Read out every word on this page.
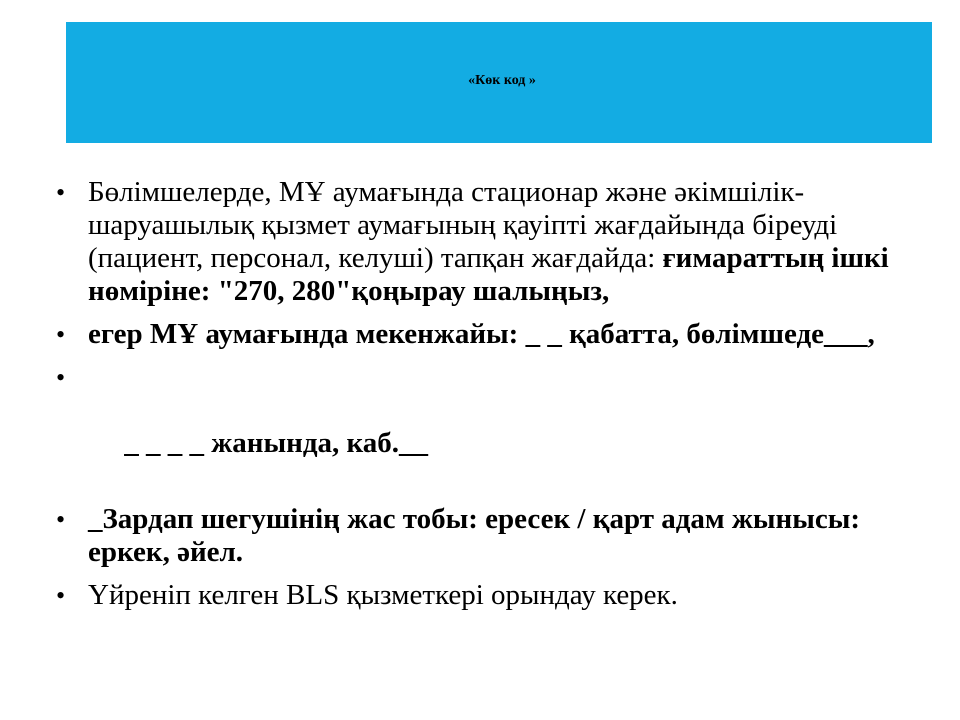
«Көк код »
• Бөлімшелерде, МҰ аумағында стационар және әкімшілік-шаруашылық қызмет аумағының қауіпті жағдайында біреуді (пациент, персонал, келуші) тапқан жағдайда: ғимараттың ішкі нөміріне: "270, 280"қоңырау шалыңыз,
• егер МҰ аумағында мекенжайы: _ _ қабатта, бөлімшеде___,

•

_ _ _ _ жанында, каб.__

• _Зардап шегушінің жас тобы: ересек / қарт адам жынысы: еркек, әйел.
• Үйреніп келген BLS қызметкері орындау керек.
